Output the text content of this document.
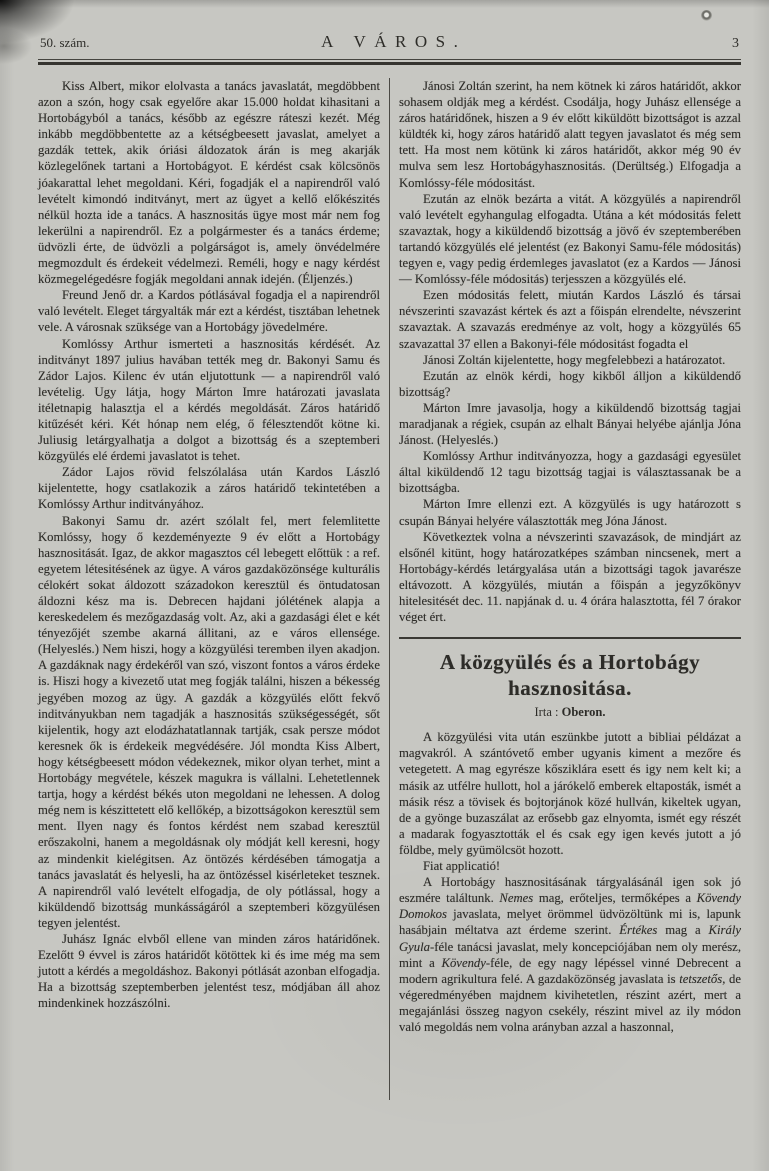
50. szám.	A VÁROS.	3

Kiss Albert, mikor elolvasta a tanács javaslatát, megdöbbent azon a szón, hogy csak egyelőre akar 15.000 holdat kihasitani a Hortobágyból a tanács, később az egészre ráteszi kezét. Még inkább megdöbbentette az a kétségbeesett javaslat, amelyet a gazdák tettek, akik óriási áldozatok árán is meg akarják közlegelőnek tartani a Hortobágyot. E kérdést csak kölcsönös jóakarattal lehet megoldani. Kéri, fogadják el a napirendről való levételt kimondó inditványt, mert az ügyet a kellő előkészités nélkül hozta ide a tanács. A hasznositás ügye most már nem fog lekerülni a napirendről. Ez a polgármester és a tanács érdeme; üdvözli érte, de üdvözli a polgárságot is, amely önvédelmére megmozdult és érdekeit védelmezi. Reméli, hogy e nagy kérdést közmegelégedésre fogják megoldani annak idején. (Éljenzés.)

Freund Jenő dr. a Kardos pótlásával fogadja el a napirendről való levételt. Eleget tárgyalták már ezt a kérdést, tisztában lehetnek vele. A városnak szüksége van a Hortobágy jövedelmére.

Komlóssy Arthur ismerteti a hasznositás kérdését. Az inditványt 1897 julius havában tették meg dr. Bakonyi Samu és Zádor Lajos. Kilenc év után eljutottunk — a napirendről való levételig. Ugy látja, hogy Márton Imre határozati javaslata itéletnapig halasztja el a kérdés megoldását. Záros határidő kitűzését kéri. Két hónap nem elég, ő félesztendőt kötne ki. Juliusig letárgyalhatja a dolgot a bizottság és a szeptemberi közgyülés elé érdemi javaslatot is tehet.

Zádor Lajos rövid felszólalása után Kardos László kijelentette, hogy csatlakozik a záros határidő tekintetében a Komlóssy Arthur inditványához.

Bakonyi Samu dr. azért szólalt fel, mert felemlitette Komlóssy, hogy ő kezdeményezte 9 év előtt a Hortobágy hasznositását. Igaz, de akkor magasztos cél lebegett előttük : a ref. egyetem létesitésének az ügye. A város gazdaközönsége kulturális célokért sokat áldozott századokon keresztül és öntudatosan áldozni kész ma is. Debrecen hajdani jólétének alapja a kereskedelem és mezőgazdaság volt. Az, aki a gazdasági élet e két tényezőjét szembe akarná állitani, az e város ellensége. (Helyeslés.) Nem hiszi, hogy a közgyülési teremben ilyen akadjon. A gazdáknak nagy érdekéről van szó, viszont fontos a város érdeke is. Hiszi hogy a kivezető utat meg fogják találni, hiszen a békesség jegyében mozog az ügy. A gazdák a közgyülés előtt fekvő inditványukban nem tagadják a hasznositás szükségességét, sőt kijelentik, hogy azt elodázhatatlannak tartják, csak persze módot keresnek ők is érdekeik megvédésére. Jól mondta Kiss Albert, hogy kétségbeesett módon védekeznek, mikor olyan terhet, mint a Hortobágy megvétele, készek magukra is vállalni. Lehetetlennek tartja, hogy a kérdést békés uton megoldani ne lehessen. A dolog még nem is készittetett elő kellőkép, a bizottságokon keresztül sem ment. Ilyen nagy és fontos kérdést nem szabad keresztül erőszakolni, hanem a megoldásnak oly módját kell keresni, hogy az mindenkit kielégitsen. Az öntözés kérdésében támogatja a tanács javaslatát és helyesli, ha az öntözéssel kisérleteket tesznek. A napirendről való levételt elfogadja, de oly pótlással, hogy a kiküldendő bizottság munkásságáról a szeptemberi közgyülésen tegyen jelentést.

Juhász Ignác elvből ellene van minden záros határidőnek. Ezelőtt 9 évvel is záros határidőt kötöttek ki és ime még ma sem jutott a kérdés a megoldáshoz. Bakonyi pótlását azonban elfogadja. Ha a bizottság szeptemberben jelentést tesz, módjában áll ahoz mindenkinek hozzászólni.

Jánosi Zoltán szerint, ha nem kötnek ki záros határidőt, akkor sohasem oldják meg a kérdést. Csodálja, hogy Juhász ellensége a záros határidőnek, hiszen a 9 év előtt kiküldött bizottságot is azzal küldték ki, hogy záros határidő alatt tegyen javaslatot és még sem tett. Ha most nem kötünk ki záros határidőt, akkor még 90 év mulva sem lesz Hortobágyhasznositás. (Derültség.) Elfogadja a Komlóssy-féle módositást.

Ezután az elnök bezárta a vitát. A közgyülés a napirendről való levételt egyhangulag elfogadta. Utána a két módositás felett szavaztak, hogy a kiküldendő bizottság a jövő év szeptemberében tartandó közgyülés elé jelentést (ez Bakonyi Samu-féle módositás) tegyen e, vagy pedig érdemleges javaslatot (ez a Kardos — Jánosi — Komlóssy-féle módositás) terjesszen a közgyülés elé.

Ezen módositás felett, miután Kardos László és társai névszerinti szavazást kértek és azt a főispán elrendelte, névszerint szavaztak. A szavazás eredménye az volt, hogy a közgyülés 65 szavazattal 37 ellen a Bakonyi-féle módositást fogadta el

Jánosi Zoltán kijelentette, hogy megfelebbezi a határozatot.

Ezután az elnök kérdi, hogy kikből álljon a kiküldendő bizottság?

Márton Imre javasolja, hogy a kiküldendő bizottság tagjai maradjanak a régiek, csupán az elhalt Bányai helyébe ajánlja Jóna Jánost. (Helyeslés.)

Komlóssy Arthur inditványozza, hogy a gazdasági egyesület által kiküldendő 12 tagu bizottság tagjai is választassanak be a bizottságba.

Márton Imre ellenzi ezt. A közgyülés is ugy határozott s csupán Bányai helyére választották meg Jóna Jánost.

Következtek volna a névszerinti szavazások, de mindjárt az elsőnél kitünt, hogy határozatképes számban nincsenek, mert a Hortobágy-kérdés letárgyalása után a bizottsági tagok javarésze eltávozott. A közgyülés, miután a főispán a jegyzőkönyv hitelesitését dec. 11. napjának d. u. 4 órára halasztotta, fél 7 órakor véget ért.

A közgyülés és a Hortobágy hasznositása.

Irta : Oberon.

A közgyülési vita után eszünkbe jutott a bibliai példázat a magvakról. A szántóvető ember ugyanis kiment a mezőre és vetegetett. A mag egyrésze kősziklára esett és igy nem kelt ki; a másik az utfélre hullott, hol a járókelő emberek eltaposták, ismét a másik rész a tövisek és bojtorjánok közé hullván, kikeltek ugyan, de a gyönge buzaszálat az erősebb gaz elnyomta, ismét egy részét a madarak fogyasztották el és csak egy igen kevés jutott a jó földbe, mely gyümölcsöt hozott.

Fiat applicatió!

A Hortobágy hasznositásának tárgyalásánál igen sok jó eszmére találtunk. Nemes mag, erőteljes, termőképes a Kövendy Domokos javaslata, melyet örömmel üdvözöltünk mi is, lapunk hasábjain méltatva azt érdeme szerint. Értékes mag a Király Gyula-féle tanácsi javaslat, mely koncepciójában nem oly merész, mint a Kövendy-féle, de egy nagy lépéssel vinné Debrecent a modern agrikultura felé. A gazdaközönség javaslata is tetszetős, de végeredményében majdnem kivihetetlen, részint azért, mert a megajánlási összeg nagyon csekély, részint mivel az ily módon való megoldás nem volna arányban azzal a haszonnal,
